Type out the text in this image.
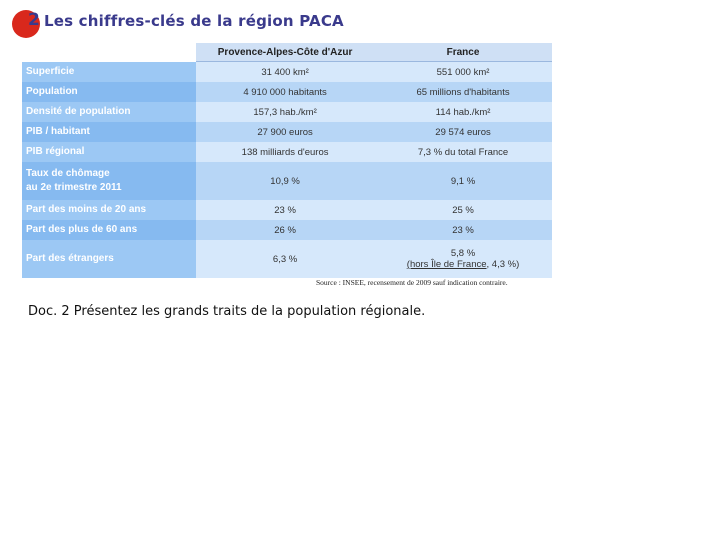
2 Les chiffres-clés de la région PACA
	Provence-Alpes-Côte d'Azur	France
Superficie	31 400 km²	551 000 km²
Population	4 910 000 habitants	65 millions d'habitants
Densité de population	157,3 hab./km²	114 hab./km²
PIB / habitant	27 900 euros	29 574 euros
PIB régional	138 milliards d'euros	7,3 % du total France

Taux de chômage
au 2e trimestre 2011	10,9 %	9,1 %
Part des moins de 20 ans	23 %	25 %
Part des plus de 60 ans	26 %	23 %
Part des étrangers	6,3 %	5,8 %
(hors Île de France, 4,3 %)
Source : INSEE, recensement de 2009 sauf indication contraire.
Doc. 2 Présentez les grands traits de la population régionale.
